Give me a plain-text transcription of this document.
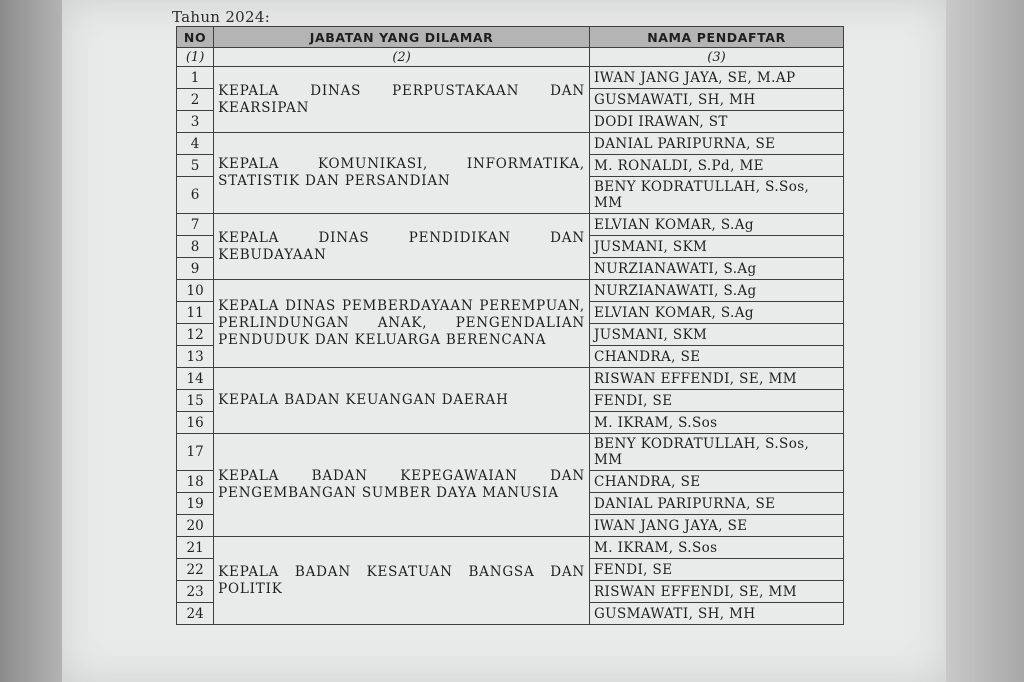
Tahun 2024:
NO	JABATAN YANG DILAMAR	NAMA PENDAFTAR
(1)	(2)	(3)
1	KEPALA DINAS PERPUSTAKAAN DAN KEARSIPAN	IWAN JANG JAYA, SE, M.AP
2		GUSMAWATI, SH, MH
3		DODI IRAWAN, ST
4	KEPALA KOMUNIKASI, INFORMATIKA, STATISTIK DAN PERSANDIAN	DANIAL PARIPURNA, SE
5		M. RONALDI, S.Pd, ME
6		BENY KODRATULLAH, S.Sos, MM
7	KEPALA DINAS PENDIDIKAN DAN KEBUDAYAAN	ELVIAN KOMAR, S.Ag
8		JUSMANI, SKM
9		NURZIANAWATI, S.Ag
10	KEPALA DINAS PEMBERDAYAAN PEREMPUAN, PERLINDUNGAN ANAK, PENGENDALIAN PENDUDUK DAN KELUARGA BERENCANA	NURZIANAWATI, S.Ag
11		ELVIAN KOMAR, S.Ag
12		JUSMANI, SKM
13		CHANDRA, SE
14	KEPALA BADAN KEUANGAN DAERAH	RISWAN EFFENDI, SE, MM
15		FENDI, SE
16		M. IKRAM, S.Sos
17	KEPALA BADAN KEPEGAWAIAN DAN PENGEMBANGAN SUMBER DAYA MANUSIA	BENY KODRATULLAH, S.Sos, MM
18		CHANDRA, SE
19		DANIAL PARIPURNA, SE
20		IWAN JANG JAYA, SE
21	KEPALA BADAN KESATUAN BANGSA DAN POLITIK	M. IKRAM, S.Sos
22		FENDI, SE
23		RISWAN EFFENDI, SE, MM
24		GUSMAWATI, SH, MH
